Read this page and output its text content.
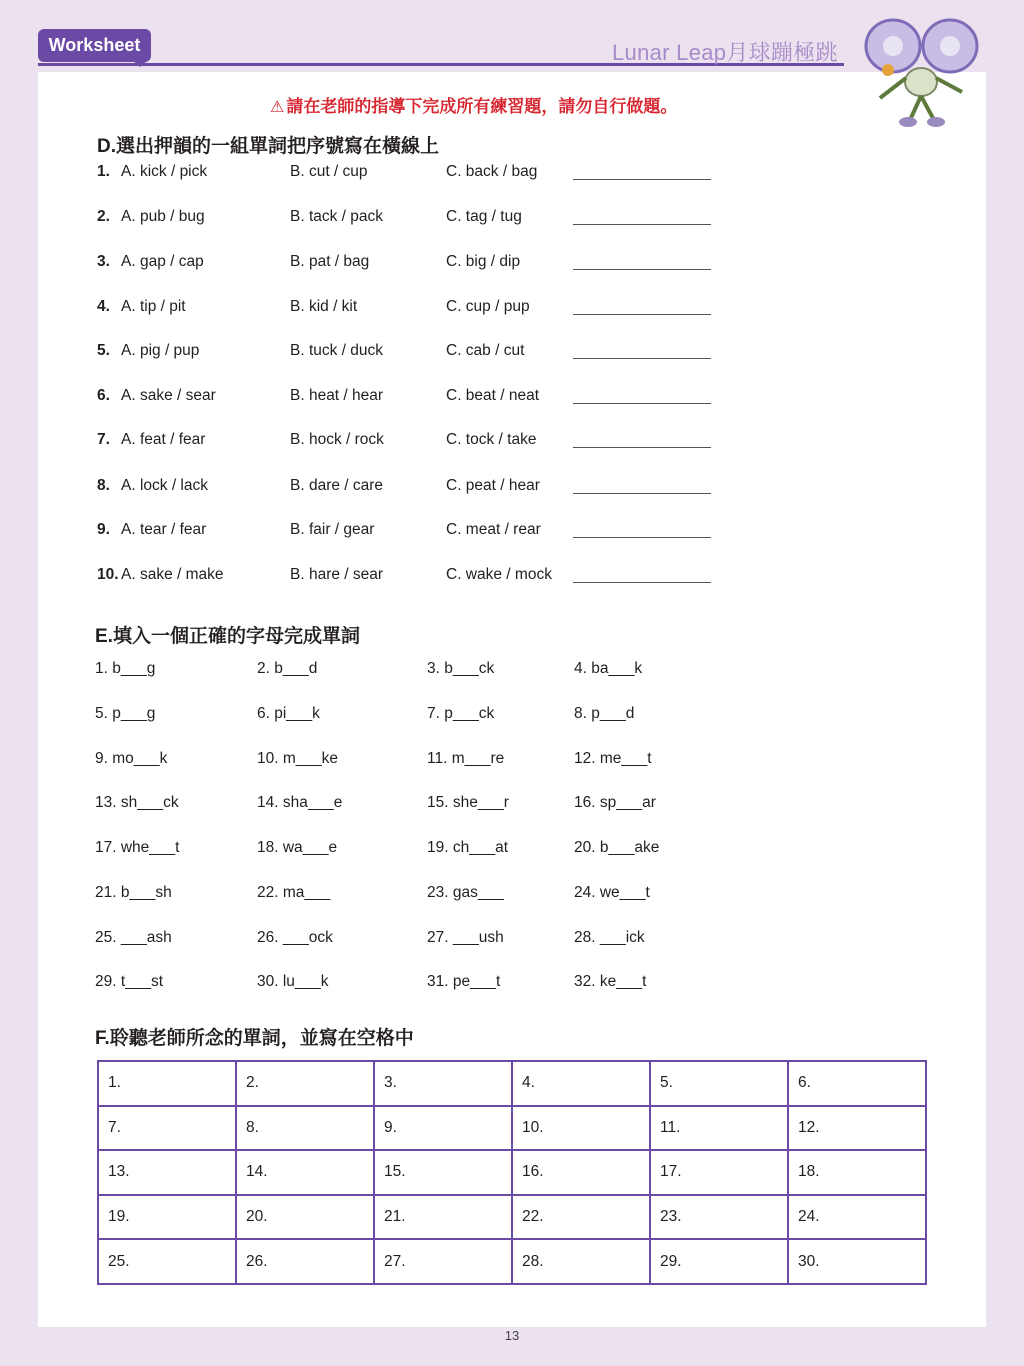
Worksheet	Lunar Leap月球蹦極跳
⚠ 請在老師的指導下完成所有練習題，請勿自行做題。
D.選出押韻的一組單詞把序號寫在橫線上
1. A. kick / pick	B. cut / cup	C. back / bag
2. A. pub / bug	B. tack / pack	C. tag / tug
3. A. gap / cap	B. pat / bag	C. big / dip
4. A. tip / pit	B. kid / kit	C. cup / pup
5. A. pig / pup	B. tuck / duck	C. cab / cut
6. A. sake / sear	B. heat / hear	C. beat / neat
7. A. feat / fear	B. hock / rock	C. tock / take
8. A. lock / lack	B. dare / care	C. peat / hear
9. A. tear / fear	B. fair / gear	C. meat / rear
10. A. sake / make	B. hare / sear	C. wake / mock
E.填入一個正確的字母完成單詞
1. b___g	2. b___d	3. b___ck	4. ba___k
5. p___g	6. pi___k	7. p___ck	8. p___d
9. mo___k	10. m___ke	11. m___re	12. me___t
13. sh___ck	14. sha___e	15. she___r	16. sp___ar
17. whe___t	18. wa___e	19. ch___at	20. b___ake
21. b___sh	22. ma___	23. gas___	24. we___t
25. ___ash	26. ___ock	27. ___ush	28. ___ick
29. t___st	30. lu___k	31. pe___t	32. ke___t
F.聆聽老師所念的單詞，並寫在空格中
1.	2.	3.	4.	5.	6.
7.	8.	9.	10.	11.	12.
13.	14.	15.	16.	17.	18.
19.	20.	21.	22.	23.	24.
25.	26.	27.	28.	29.	30.
13
